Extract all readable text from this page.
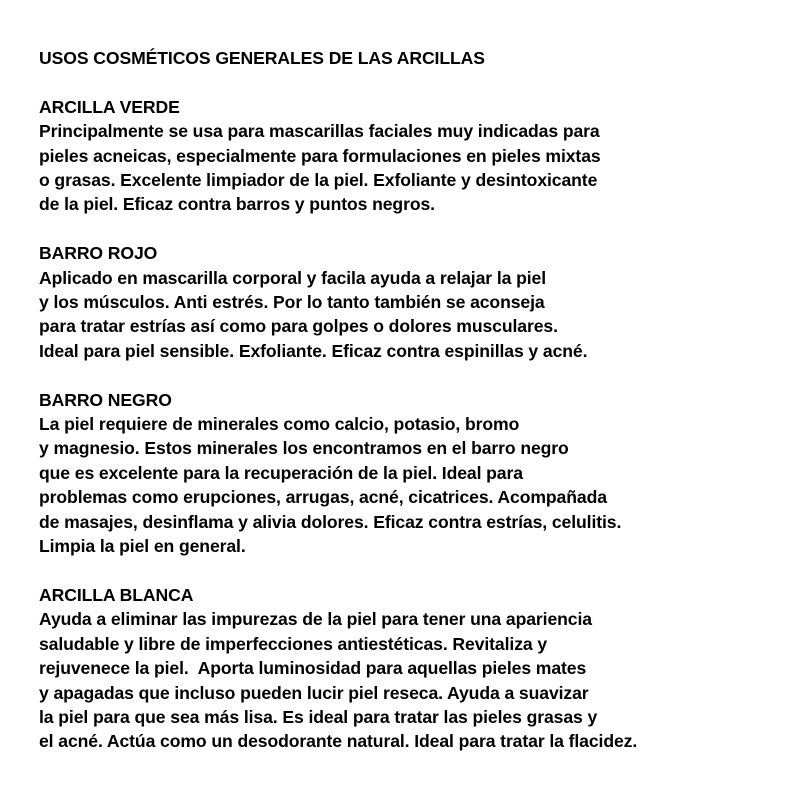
USOS COSMÉTICOS GENERALES DE LAS ARCILLAS
ARCILLA VERDE
Principalmente se usa para mascarillas faciales muy indicadas para
pieles acneicas, especialmente para formulaciones en pieles mixtas
o grasas. Excelente limpiador de la piel. Exfoliante y desintoxicante
de la piel. Eficaz contra barros y puntos negros.
BARRO ROJO
Aplicado en mascarilla corporal y facila ayuda a relajar la piel
y los músculos. Anti estrés. Por lo tanto también se aconseja
para tratar estrías así como para golpes o dolores musculares.
Ideal para piel sensible. Exfoliante. Eficaz contra espinillas y acné.
BARRO NEGRO
La piel requiere de minerales como calcio, potasio, bromo
y magnesio. Estos minerales los encontramos en el barro negro
que es excelente para la recuperación de la piel. Ideal para
problemas como erupciones, arrugas, acné, cicatrices. Acompañada
de masajes, desinflama y alivia dolores. Eficaz contra estrías, celulitis.
Limpia la piel en general.
ARCILLA BLANCA
Ayuda a eliminar las impurezas de la piel para tener una apariencia
saludable y libre de imperfecciones antiestéticas. Revitaliza y
rejuvenece la piel.  Aporta luminosidad para aquellas pieles mates
y apagadas que incluso pueden lucir piel reseca. Ayuda a suavizar
la piel para que sea más lisa. Es ideal para tratar las pieles grasas y
el acné. Actúa como un desodorante natural. Ideal para tratar la flacidez.
